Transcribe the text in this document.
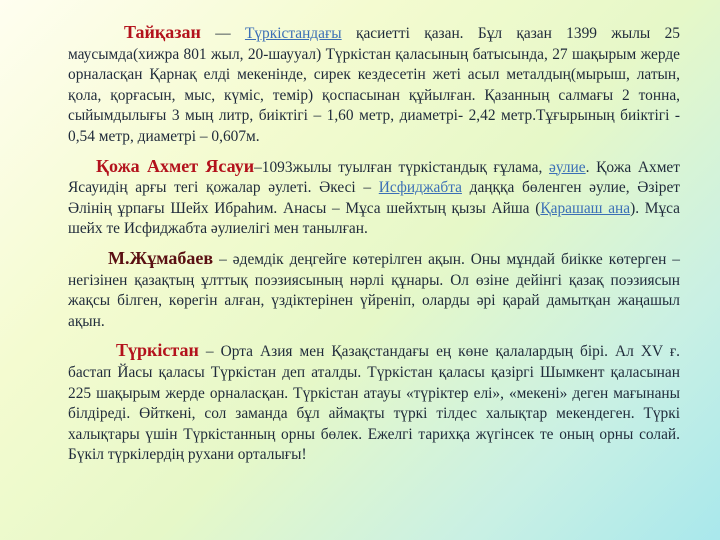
Тайқазан — Түркістандағы қасиетті қазан. Бұл қазан 1399 жылы 25 маусымда(хижра 801 жыл, 20-шаууал) Түркістан қаласының батысында, 27 шақырым жерде орналасқан Қарнақ елді мекенінде, сирек кездесетін жеті асыл металдың(мырыш, латын, қола, қорғасын, мыс, күміс, темір) қоспасынан құйылған. Қазанның салмағы 2 тонна, сыйымдылығы 3 мың литр, биіктігі – 1,60 метр, диаметрі- 2,42 метр.Тұғырының биіктігі - 0,54 метр, диаметрі – 0,607м.

Қожа Ахмет Ясауи–1093жылы туылған түркістандық ғұлама, әулие. Қожа Ахмет Ясауидің арғы тегі қожалар әулеті. Әкесі – Исфиджабта даңққа бөленген әулие, Әзірет Әлінің ұрпағы Шейх Ибраһим. Анасы – Мұса шейхтың қызы Айша (Қарашаш ана). Мұса шейх те Исфиджабта әулиелігі мен танылған.

М.Жұмабаев – әдемдік деңгейге көтерілген ақын. Оны мұндай биікке көтерген – негізінен қазақтың ұлттық поэзиясының нәрлі құнары. Ол өзіне дейінгі қазақ поэзиясын жақсы білген, көрегін алған, үздіктерінен үйреніп, оларды әрі қарай дамытқан жаңашыл ақын.

Түркістан – Орта Азия мен Қазақстандағы ең көне қалалардың бірі. Ал XV ғ. бастап Йасы қаласы Түркістан деп аталды. Түркістан қаласы қазіргі Шымкент қаласынан 225 шақырым жерде орналасқан. Түркістан атауы «түріктер елі», «мекені» деген мағынаны білдіреді. Өйткені, сол заманда бұл аймақты түркі тілдес халықтар мекендеген. Түркі халықтары үшін Түркістанның орны бөлек. Ежелгі тарихқа жүгінсек те оның орны солай. Бүкіл түркілердің рухани орталығы!
